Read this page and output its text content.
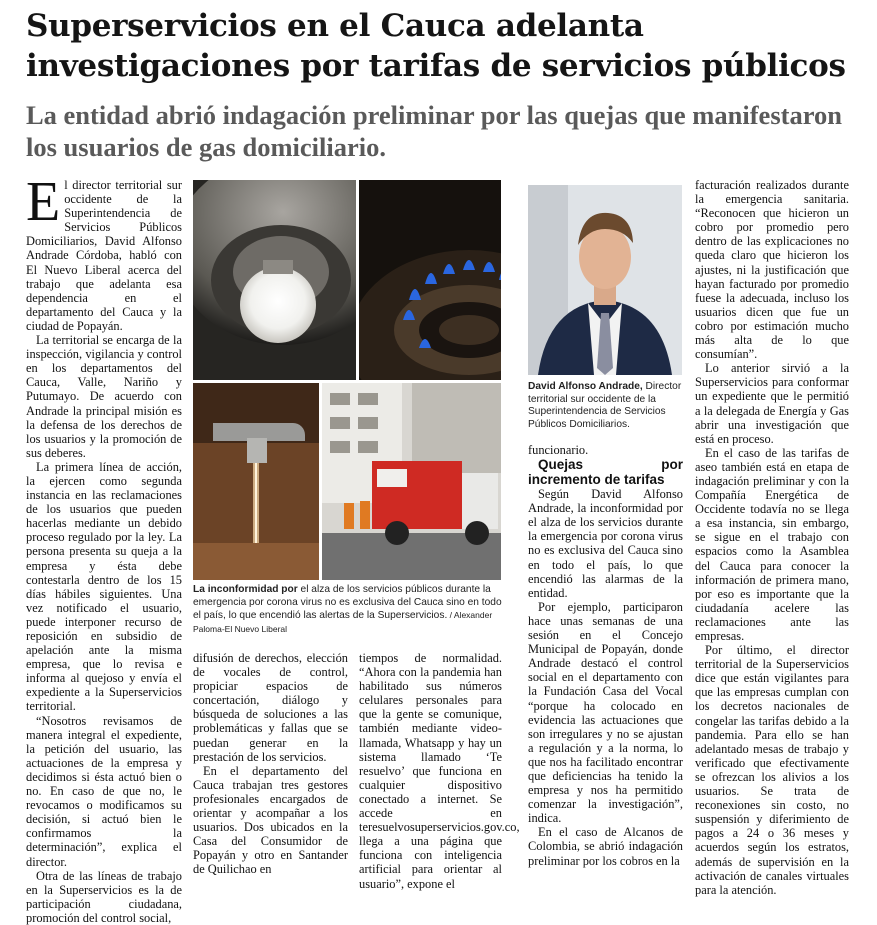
Superservicios en el Cauca adelanta investigaciones por tarifas de servicios públicos
La entidad abrió indagación preliminar por las quejas que manifestaron los usuarios de gas domiciliario.

El director territorial sur occidente de la Superintendencia de Servicios Públicos Domiciliarios, David Alfonso Andrade Córdoba, habló con El Nuevo Liberal acerca del trabajo que adelanta esa dependencia en el departamento del Cauca y la ciudad de Popayán.

La territorial se encarga de la inspección, vigilancia y control en los departamentos del Cauca, Valle, Nariño y Putumayo. De acuerdo con Andrade la principal misión es la defensa de los derechos de los usuarios y la promoción de sus deberes.

La primera línea de acción, la ejercen como segunda instancia en las reclamaciones de los usuarios que pueden hacerlas mediante un debido proceso regulado por la ley. La persona presenta su queja a la empresa y ésta debe contestarla dentro de los 15 días hábiles siguientes. Una vez notificado el usuario, puede interponer recurso de reposición en subsidio de apelación ante la misma empresa, que lo revisa e informa al quejoso y envía el expediente a la Superservicios territorial.

“Nosotros revisamos de manera integral el expediente, la petición del usuario, las actuaciones de la empresa y decidimos si ésta actuó bien o no. En caso de que no, le revocamos o modificamos su decisión, si actuó bien le confirmamos la determinación”, explica el director.

Otra de las líneas de trabajo en la Superservicios es la de participación ciudadana, promoción del control social,

La inconformidad por el alza de los servicios públicos durante la emergencia por corona virus no es exclusiva del Cauca sino en todo el país, lo que encendió las alertas de la Superservicios. / Alexander Paloma-El Nuevo Liberal

difusión de derechos, elección de vocales de control, propiciar espacios de concertación, diálogo y búsqueda de soluciones a las problemáticas y fallas que se puedan generar en la prestación de los servicios.

En el departamento del Cauca trabajan tres gestores profesionales encargados de orientar y acompañar a los usuarios. Dos ubicados en la Casa del Consumidor de Popayán y otro en Santander de Quilichao en

tiempos de normalidad. “Ahora con la pandemia han habilitado sus números celulares personales para que la gente se comunique, también mediante video-llamada, Whatsapp y hay un sistema llamado ‘Te resuelvo’ que funciona en cualquier dispositivo conectado a internet. Se accede en teresuelvosuperservicios.gov.co, llega a una página que funciona con inteligencia artificial para orientar al usuario”, expone el

David Alfonso Andrade, Director territorial sur occidente de la Superintendencia de Servicios Públicos Domiciliarios.

funcionario.

Quejas por incremento de tarifas

Según David Alfonso Andrade, la inconformidad por el alza de los servicios durante la emergencia por corona virus no es exclusiva del Cauca sino en todo el país, lo que encendió las alarmas de la entidad.

Por ejemplo, participaron hace unas semanas de una sesión en el Concejo Municipal de Popayán, donde Andrade destacó el control social en el departamento con la Fundación Casa del Vocal “porque ha colocado en evidencia las actuaciones que son irregulares y no se ajustan a regulación y a la norma, lo que nos ha facilitado encontrar que deficiencias ha tenido la empresa y nos ha permitido comenzar la investigación”, indica.

En el caso de Alcanos de Colombia, se abrió indagación preliminar por los cobros en la

facturación realizados durante la emergencia sanitaria. “Reconocen que hicieron un cobro por promedio pero dentro de las explicaciones no queda claro que hicieron los ajustes, ni la justificación que hayan facturado por promedio fuese la adecuada, incluso los usuarios dicen que fue un cobro por estimación mucho más alta de lo que consumían”.

Lo anterior sirvió a la Superservicios para conformar un expediente que le permitió a la delegada de Energía y Gas abrir una investigación que está en proceso.

En el caso de las tarifas de aseo también está en etapa de indagación preliminar y con la Compañía Energética de Occidente todavía no se llega a esa instancia, sin embargo, se sigue en el trabajo con espacios como la Asamblea del Cauca para conocer la información de primera mano, por eso es importante que la ciudadanía acelere las reclamaciones ante las empresas.

Por último, el director territorial de la Superservicios dice que están vigilantes para que las empresas cumplan con los decretos nacionales de congelar las tarifas debido a la pandemia. Para ello se han adelantado mesas de trabajo y verificado que efectivamente se ofrezcan los alivios a los usuarios. Se trata de reconexiones sin costo, no suspensión y diferimiento de pagos a 24 o 36 meses y acuerdos según los estratos, además de supervisión en la activación de canales virtuales para la atención.
